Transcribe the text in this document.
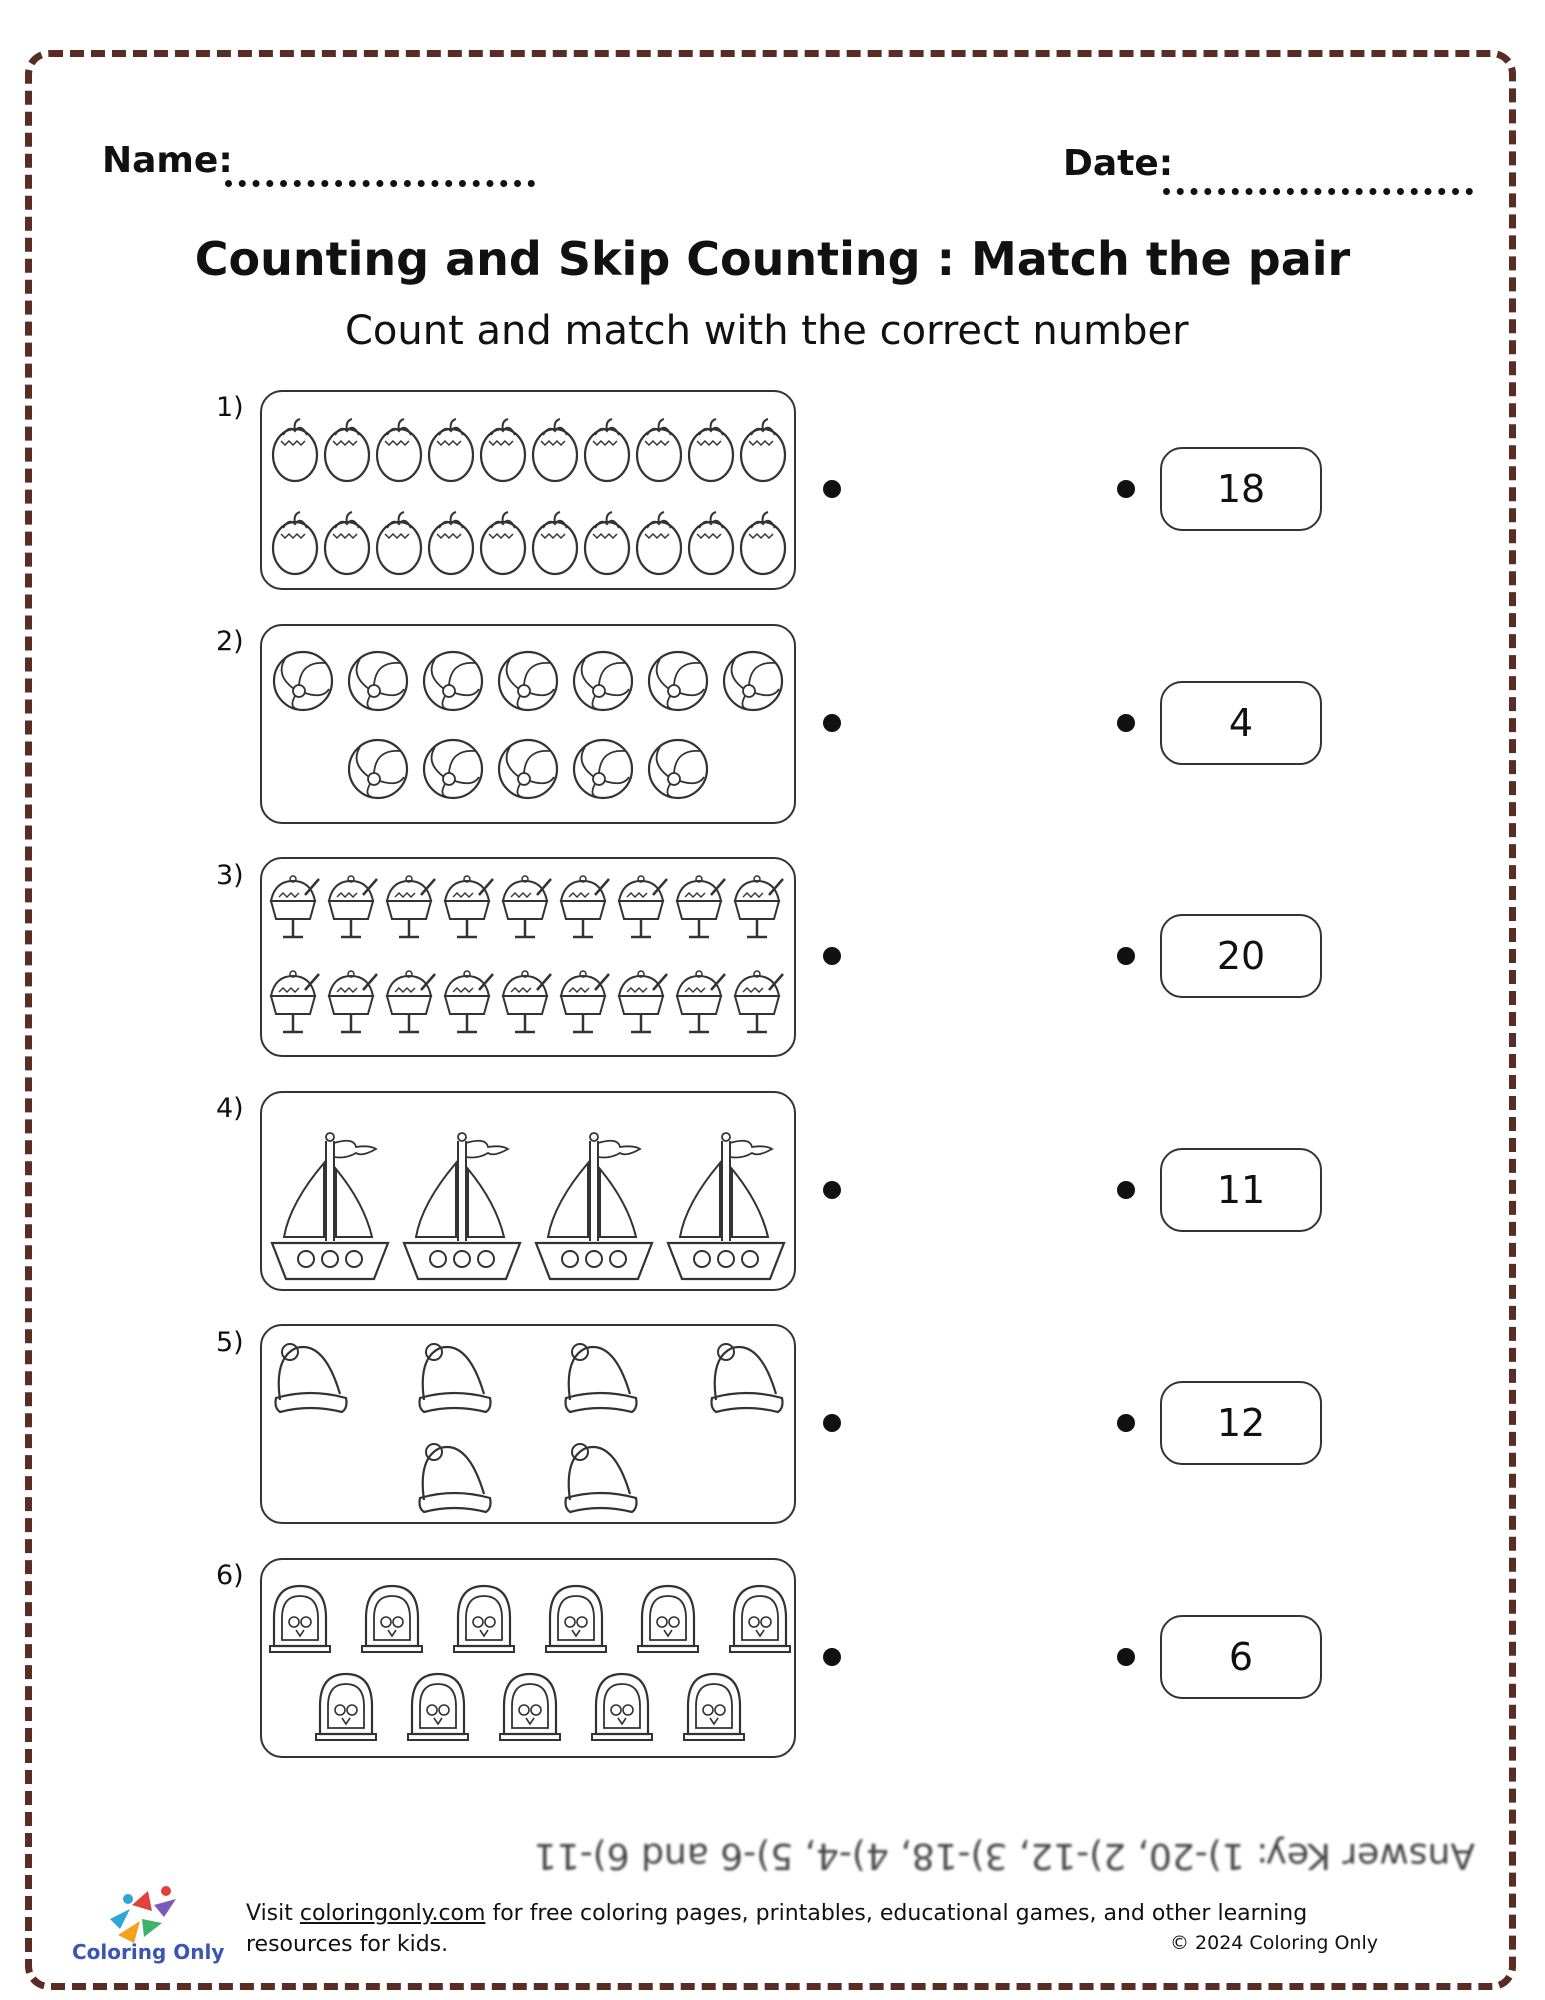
Name:	Date:
Counting and Skip Counting : Match the pair
Count and match with the correct number
1)
2)
3)
4)
5)
6)
18
4
20
11
12
6
Answer Key: 1)-20, 2)-12, 3)-18, 4)-4, 5)-6 and 6)-11
Coloring Only
Visit coloringonly.com for free coloring pages, printables, educational games, and other learning resources for kids.	© 2024 Coloring Only
